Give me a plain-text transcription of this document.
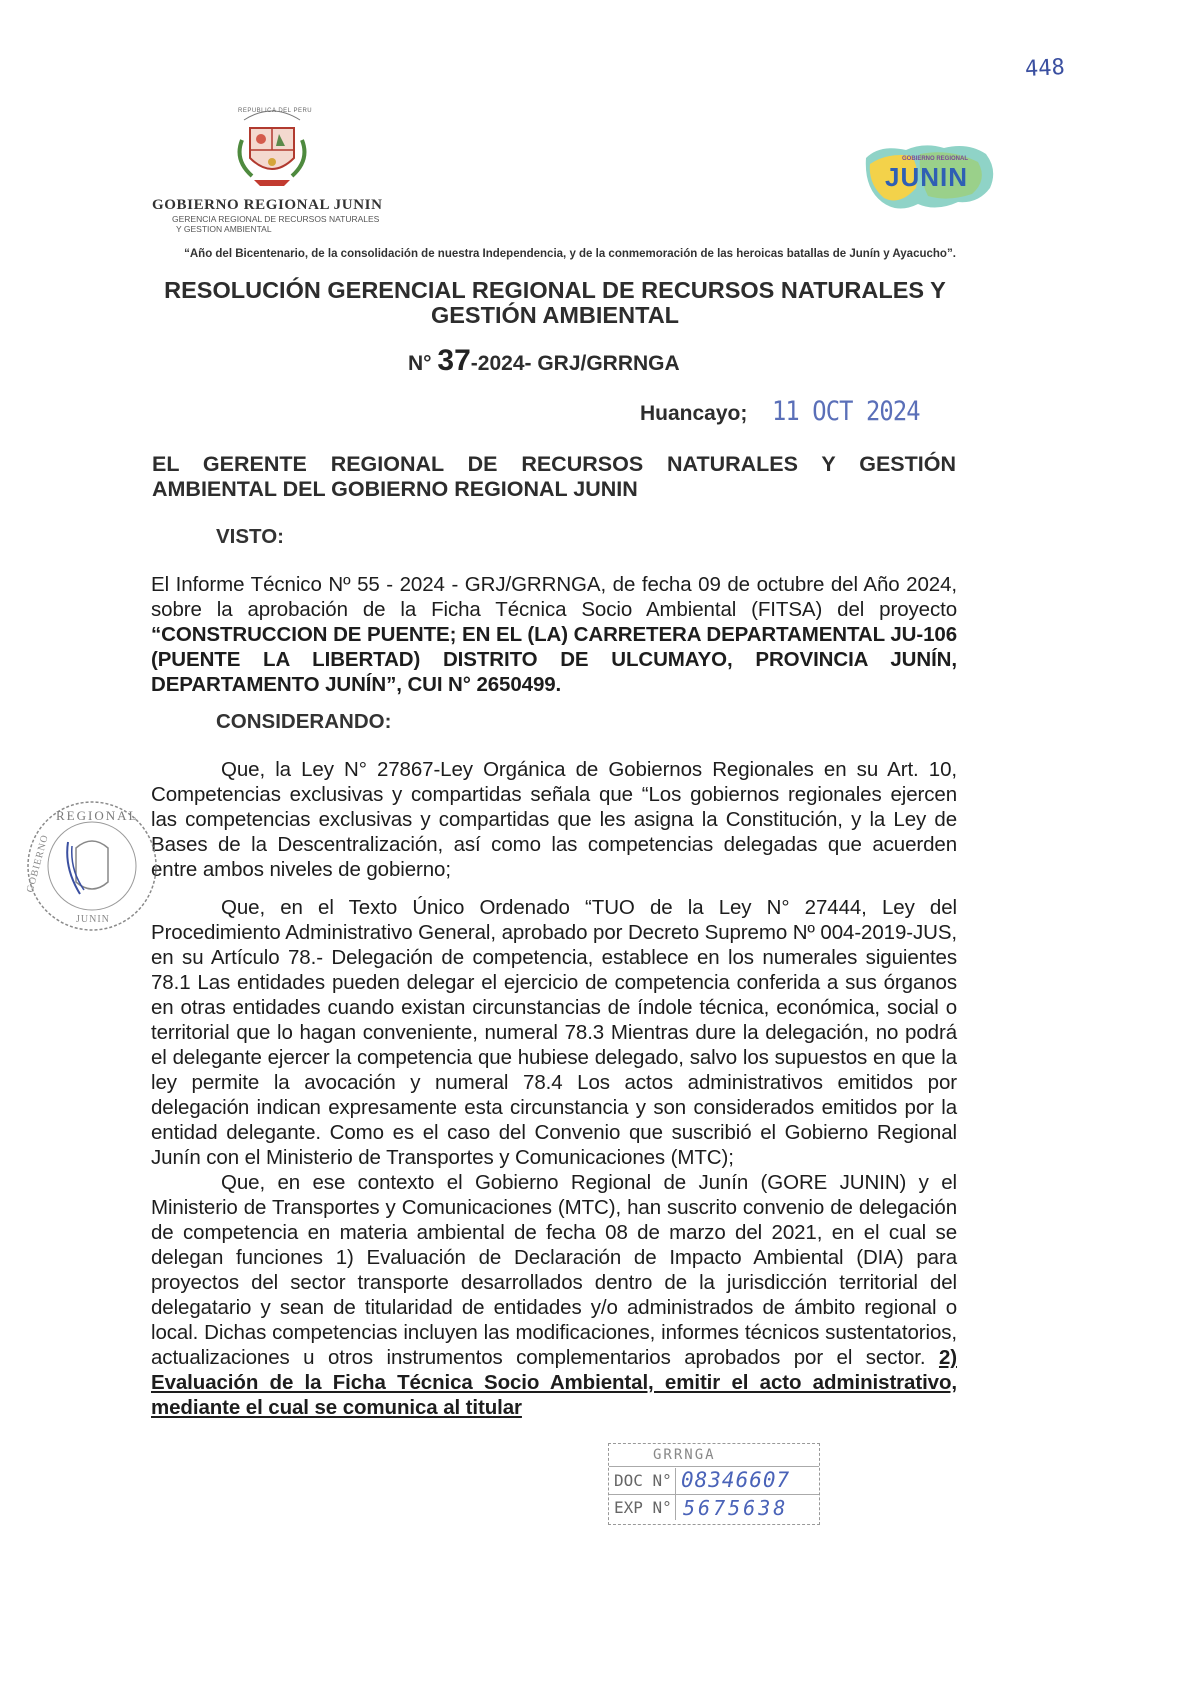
448
REPUBLICA DEL PERU
GOBIERNO REGIONAL JUNIN
GERENCIA REGIONAL DE RECURSOS NATURALES
Y GESTION AMBIENTAL
GOBIERNO REGIONAL
JUNIN
“Año del Bicentenario, de la consolidación de nuestra Independencia, y de la conmemoración de las heroicas batallas de Junín y Ayacucho”.
RESOLUCIÓN GERENCIAL REGIONAL DE RECURSOS NATURALES Y
GESTIÓN AMBIENTAL
N° 37-2024- GRJ/GRRNGA
Huancayo; 11 OCT 2024

EL GERENTE REGIONAL DE RECURSOS NATURALES Y GESTIÓN AMBIENTAL DEL GOBIERNO REGIONAL JUNIN

VISTO:

El Informe Técnico Nº 55 - 2024 - GRJ/GRRNGA, de fecha 09 de octubre del Año 2024, sobre la aprobación de la Ficha Técnica Socio Ambiental (FITSA) del proyecto “CONSTRUCCION DE PUENTE; EN EL (LA) CARRETERA DEPARTAMENTAL JU-106 (PUENTE LA LIBERTAD) DISTRITO DE ULCUMAYO, PROVINCIA JUNÍN, DEPARTAMENTO JUNÍN”, CUI N° 2650499.

CONSIDERANDO:

Que, la Ley N° 27867-Ley Orgánica de Gobiernos Regionales en su Art. 10, Competencias exclusivas y compartidas señala que “Los gobiernos regionales ejercen las competencias exclusivas y compartidas que les asigna la Constitución, y la Ley de Bases de la Descentralización, así como las competencias delegadas que acuerden entre ambos niveles de gobierno;

Que, en el Texto Único Ordenado “TUO de la Ley N° 27444, Ley del Procedimiento Administrativo General, aprobado por Decreto Supremo Nº 004-2019-JUS, en su Artículo 78.- Delegación de competencia, establece en los numerales siguientes 78.1 Las entidades pueden delegar el ejercicio de competencia conferida a sus órganos en otras entidades cuando existan circunstancias de índole técnica, económica, social o territorial que lo hagan conveniente, numeral 78.3 Mientras dure la delegación, no podrá el delegante ejercer la competencia que hubiese delegado, salvo los supuestos en que la ley permite la avocación y numeral 78.4 Los actos administrativos emitidos por delegación indican expresamente esta circunstancia y son considerados emitidos por la entidad delegante. Como es el caso del Convenio que suscribió el Gobierno Regional Junín con el Ministerio de Transportes y Comunicaciones (MTC);

Que, en ese contexto el Gobierno Regional de Junín (GORE JUNIN) y el Ministerio de Transportes y Comunicaciones (MTC), han suscrito convenio de delegación de competencia en materia ambiental de fecha 08 de marzo del 2021, en el cual se delegan funciones 1) Evaluación de Declaración de Impacto Ambiental (DIA) para proyectos del sector transporte desarrollados dentro de la jurisdicción territorial del delegatario y sean de titularidad de entidades y/o administrados de ámbito regional o local. Dichas competencias incluyen las modificaciones, informes técnicos sustentatorios, actualizaciones u otros instrumentos complementarios aprobados por el sector. 2) Evaluación de la Ficha Técnica Socio Ambiental, emitir el acto administrativo, mediante el cual se comunica al titular

REGIONAL
GOBIERNO
JUNIN
GRRNGA
DOC N° 08346607
EXP N° 5675638
